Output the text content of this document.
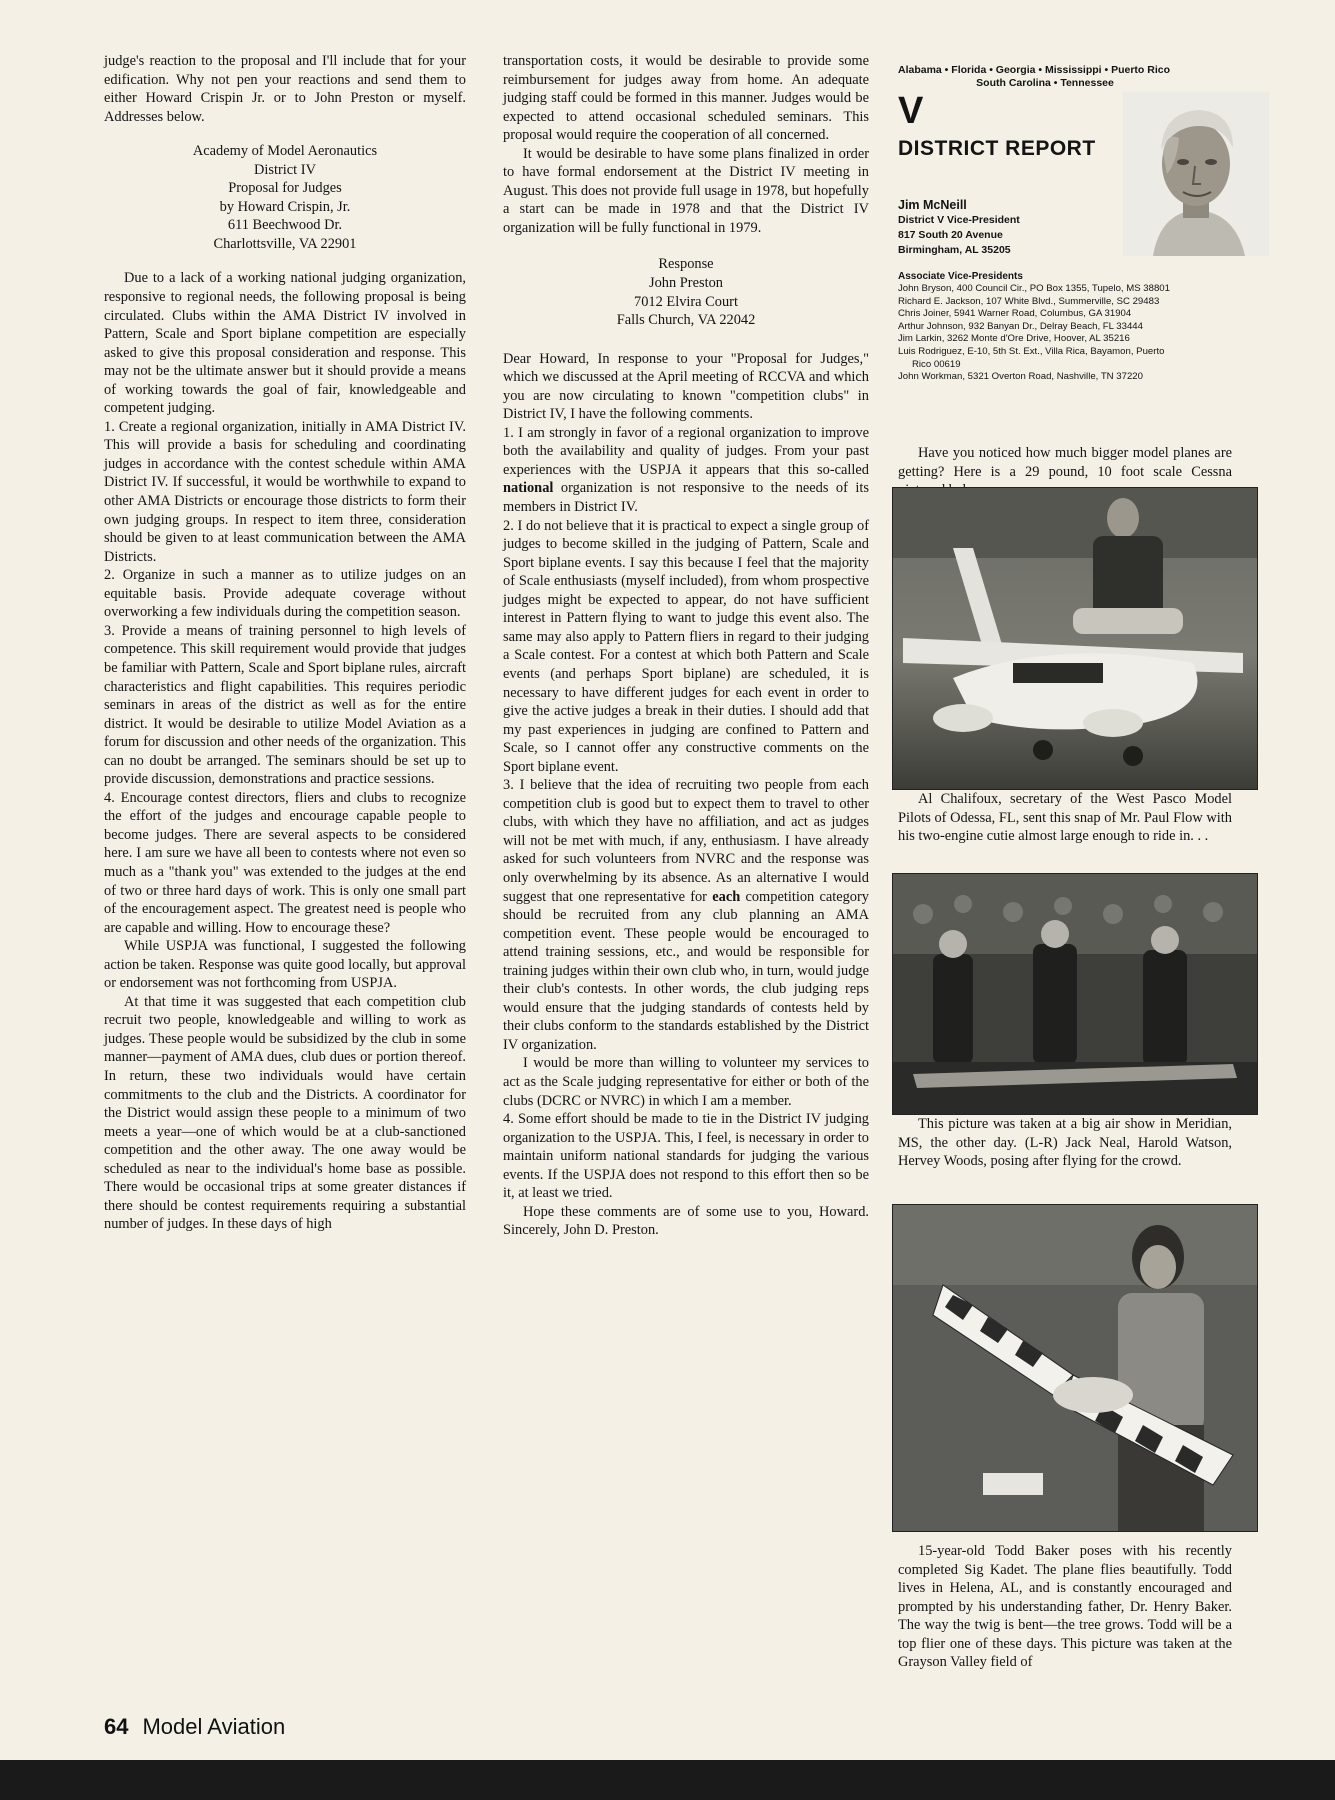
judge's reaction to the proposal and I'll include that for your edification. Why not pen your reactions and send them to either Howard Crispin Jr. or to John Preston or myself. Addresses below.

Academy of Model Aeronautics

District IV

Proposal for Judges

by Howard Crispin, Jr.

611 Beechwood Dr.

Charlottsville, VA 22901

Due to a lack of a working national judging organization, responsive to regional needs, the following proposal is being circulated. Clubs within the AMA District IV involved in Pattern, Scale and Sport biplane competition are especially asked to give this proposal consideration and response. This may not be the ultimate answer but it should provide a means of working towards the goal of fair, knowledgeable and competent judging.

1. Create a regional organization, initially in AMA District IV. This will provide a basis for scheduling and coordinating judges in accordance with the contest schedule within AMA District IV. If successful, it would be worthwhile to expand to other AMA Districts or encourage those districts to form their own judging groups. In respect to item three, consideration should be given to at least communication between the AMA Districts.

2. Organize in such a manner as to utilize judges on an equitable basis. Provide adequate coverage without overworking a few individuals during the competition season.

3. Provide a means of training personnel to high levels of competence. This skill requirement would provide that judges be familiar with Pattern, Scale and Sport biplane rules, aircraft characteristics and flight capabilities. This requires periodic seminars in areas of the district as well as for the entire district. It would be desirable to utilize Model Aviation as a forum for discussion and other needs of the organization. This can no doubt be arranged. The seminars should be set up to provide discussion, demonstrations and practice sessions.

4. Encourage contest directors, fliers and clubs to recognize the effort of the judges and encourage capable people to become judges. There are several aspects to be considered here. I am sure we have all been to contests where not even so much as a "thank you" was extended to the judges at the end of two or three hard days of work. This is only one small part of the encouragement aspect. The greatest need is people who are capable and willing. How to encourage these?

While USPJA was functional, I suggested the following action be taken. Response was quite good locally, but approval or endorsement was not forthcoming from USPJA.

At that time it was suggested that each competition club recruit two people, knowledgeable and willing to work as judges. These people would be subsidized by the club in some manner—payment of AMA dues, club dues or portion thereof. In return, these two individuals would have certain commitments to the club and the Districts. A coordinator for the District would assign these people to a minimum of two meets a year—one of which would be at a club-sanctioned competition and the other away. The one away would be scheduled as near to the individual's home base as possible. There would be occasional trips at some greater distances if there should be contest requirements requiring a substantial number of judges. In these days of high

transportation costs, it would be desirable to provide some reimbursement for judges away from home. An adequate judging staff could be formed in this manner. Judges would be expected to attend occasional scheduled seminars. This proposal would require the cooperation of all concerned.

It would be desirable to have some plans finalized in order to have formal endorsement at the District IV meeting in August. This does not provide full usage in 1978, but hopefully a start can be made in 1978 and that the District IV organization will be fully functional in 1979.

Response

John Preston

7012 Elvira Court

Falls Church, VA 22042

Dear Howard, In response to your "Proposal for Judges," which we discussed at the April meeting of RCCVA and which you are now circulating to known "competition clubs" in District IV, I have the following comments.

1. I am strongly in favor of a regional organization to improve both the availability and quality of judges. From your past experiences with the USPJA it appears that this so-called national organization is not responsive to the needs of its members in District IV.

2. I do not believe that it is practical to expect a single group of judges to become skilled in the judging of Pattern, Scale and Sport biplane events. I say this because I feel that the majority of Scale enthusiasts (myself included), from whom prospective judges might be expected to appear, do not have sufficient interest in Pattern flying to want to judge this event also. The same may also apply to Pattern fliers in regard to their judging a Scale contest. For a contest at which both Pattern and Scale events (and perhaps Sport biplane) are scheduled, it is necessary to have different judges for each event in order to give the active judges a break in their duties. I should add that my past experiences in judging are confined to Pattern and Scale, so I cannot offer any constructive comments on the Sport biplane event.

3. I believe that the idea of recruiting two people from each competition club is good but to expect them to travel to other clubs, with which they have no affiliation, and act as judges will not be met with much, if any, enthusiasm. I have already asked for such volunteers from NVRC and the response was only overwhelming by its absence. As an alternative I would suggest that one representative for each competition category should be recruited from any club planning an AMA competition event. These people would be encouraged to attend training sessions, etc., and would be responsible for training judges within their own club who, in turn, would judge their club's contests. In other words, the club judging reps would ensure that the judging standards of contests held by their clubs conform to the standards established by the District IV organization.

I would be more than willing to volunteer my services to act as the Scale judging representative for either or both of the clubs (DCRC or NVRC) in which I am a member.

4. Some effort should be made to tie in the District IV judging organization to the USPJA. This, I feel, is necessary in order to maintain uniform national standards for judging the various events. If the USPJA does not respond to this effort then so be it, at least we tried.

Hope these comments are of some use to you, Howard. Sincerely, John D. Preston.

Alabama • Florida • Georgia • Mississippi • Puerto Rico
South Carolina • Tennessee
V
DISTRICT REPORT
Jim McNeill
District V Vice-President
817 South 20 Avenue
Birmingham, AL 35205
Associate Vice-Presidents
John Bryson, 400 Council Cir., PO Box 1355, Tupelo, MS 38801
Richard E. Jackson, 107 White Blvd., Summerville, SC 29483
Chris Joiner, 5941 Warner Road, Columbus, GA 31904
Arthur Johnson, 932 Banyan Dr., Delray Beach, FL 33444
Jim Larkin, 3262 Monte d'Ore Drive, Hoover, AL 35216
Luis Rodriguez, E-10, 5th St. Ext., Villa Rica, Bayamon, Puerto
Rico 00619
John Workman, 5321 Overton Road, Nashville, TN 37220

Have you noticed how much bigger model planes are getting? Here is a 29 pound, 10 foot scale Cessna

Al Chalifoux, secretary of the West Pasco Model Pilots of Odessa, FL, sent this snap of Mr. Paul Flow with his two-engine cutie almost large enough to ride in. . .

This picture was taken at a big air show in Meridian, MS, the other day. (L-R) Jack Neal, Harold Watson, Hervey Woods, posing after flying for the crowd.

15-year-old Todd Baker poses with his recently completed Sig Kadet. The plane flies beautifully. Todd lives in Helena, AL, and is constantly encouraged and prompted by his understanding father, Dr. Henry Baker. The way the twig is bent—the tree grows. Todd will be a top flier one of these days. This picture was taken at the Grayson Valley field of

64 Model Aviation
